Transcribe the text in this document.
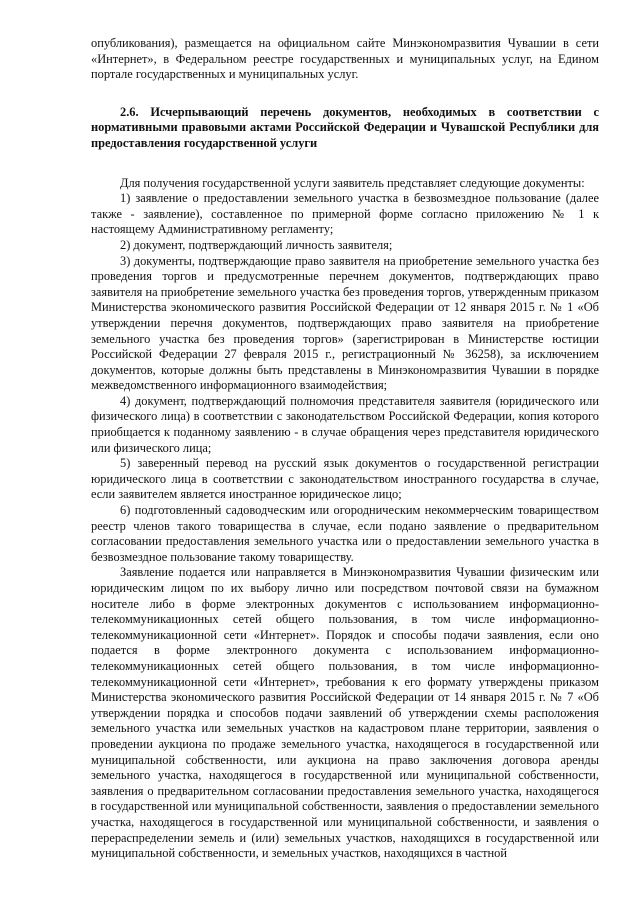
опубликования), размещается на официальном сайте Минэкономразвития Чувашии в сети «Интернет», в Федеральном реестре государственных и муниципальных услуг, на Едином портале государственных и муниципальных услуг.

2.6. Исчерпывающий перечень документов, необходимых в соответствии с нормативными правовыми актами Российской Федерации и Чувашской Республики для предоставления государственной услуги

Для получения государственной услуги заявитель представляет следующие документы:

1) заявление о предоставлении земельного участка в безвозмездное пользование (далее также - заявление), составленное по примерной форме согласно приложению № 1 к настоящему Административному регламенту;

2) документ, подтверждающий личность заявителя;

3) документы, подтверждающие право заявителя на приобретение земельного участка без проведения торгов и предусмотренные перечнем документов, подтверждающих право заявителя на приобретение земельного участка без проведения торгов, утвержденным приказом Министерства экономического развития Российской Федерации от 12 января 2015 г. № 1 «Об утверждении перечня документов, подтверждающих право заявителя на приобретение земельного участка без проведения торгов» (зарегистрирован в Министерстве юстиции Российской Федерации 27 февраля 2015 г., регистрационный № 36258), за исключением документов, которые должны быть представлены в Минэкономразвития Чувашии в порядке межведомственного информационного взаимодействия;

4) документ, подтверждающий полномочия представителя заявителя (юридического или физического лица) в соответствии с законодательством Российской Федерации, копия которого приобщается к поданному заявлению - в случае обращения через представителя юридического или физического лица;

5) заверенный перевод на русский язык документов о государственной регистрации юридического лица в соответствии с законодательством иностранного государства в случае, если заявителем является иностранное юридическое лицо;

6) подготовленный садоводческим или огородническим некоммерческим товариществом реестр членов такого товарищества в случае, если подано заявление о предварительном согласовании предоставления земельного участка или о предоставлении земельного участка в безвозмездное пользование такому товариществу.

Заявление подается или направляется в Минэкономразвития Чувашии физическим или юридическим лицом по их выбору лично или посредством почтовой связи на бумажном носителе либо в форме электронных документов с использованием информационно-телекоммуникационных сетей общего пользования, в том числе информационно-телекоммуникационной сети «Интернет». Порядок и способы подачи заявления, если оно подается в форме электронного документа с использованием информационно-телекоммуникационных сетей общего пользования, в том числе информационно-телекоммуникационной сети «Интернет», требования к его формату утверждены приказом Министерства экономического развития Российской Федерации от 14 января 2015 г. № 7 «Об утверждении порядка и способов подачи заявлений об утверждении схемы расположения земельного участка или земельных участков на кадастровом плане территории, заявления о проведении аукциона по продаже земельного участка, находящегося в государственной или муниципальной собственности, или аукциона на право заключения договора аренды земельного участка, находящегося в государственной или муниципальной собственности, заявления о предварительном согласовании предоставления земельного участка, находящегося в государственной или муниципальной собственности, заявления о предоставлении земельного участка, находящегося в государственной или муниципальной собственности, и заявления о перераспределении земель и (или) земельных участков, находящихся в государственной или муниципальной собственности, и земельных участков, находящихся в частной
